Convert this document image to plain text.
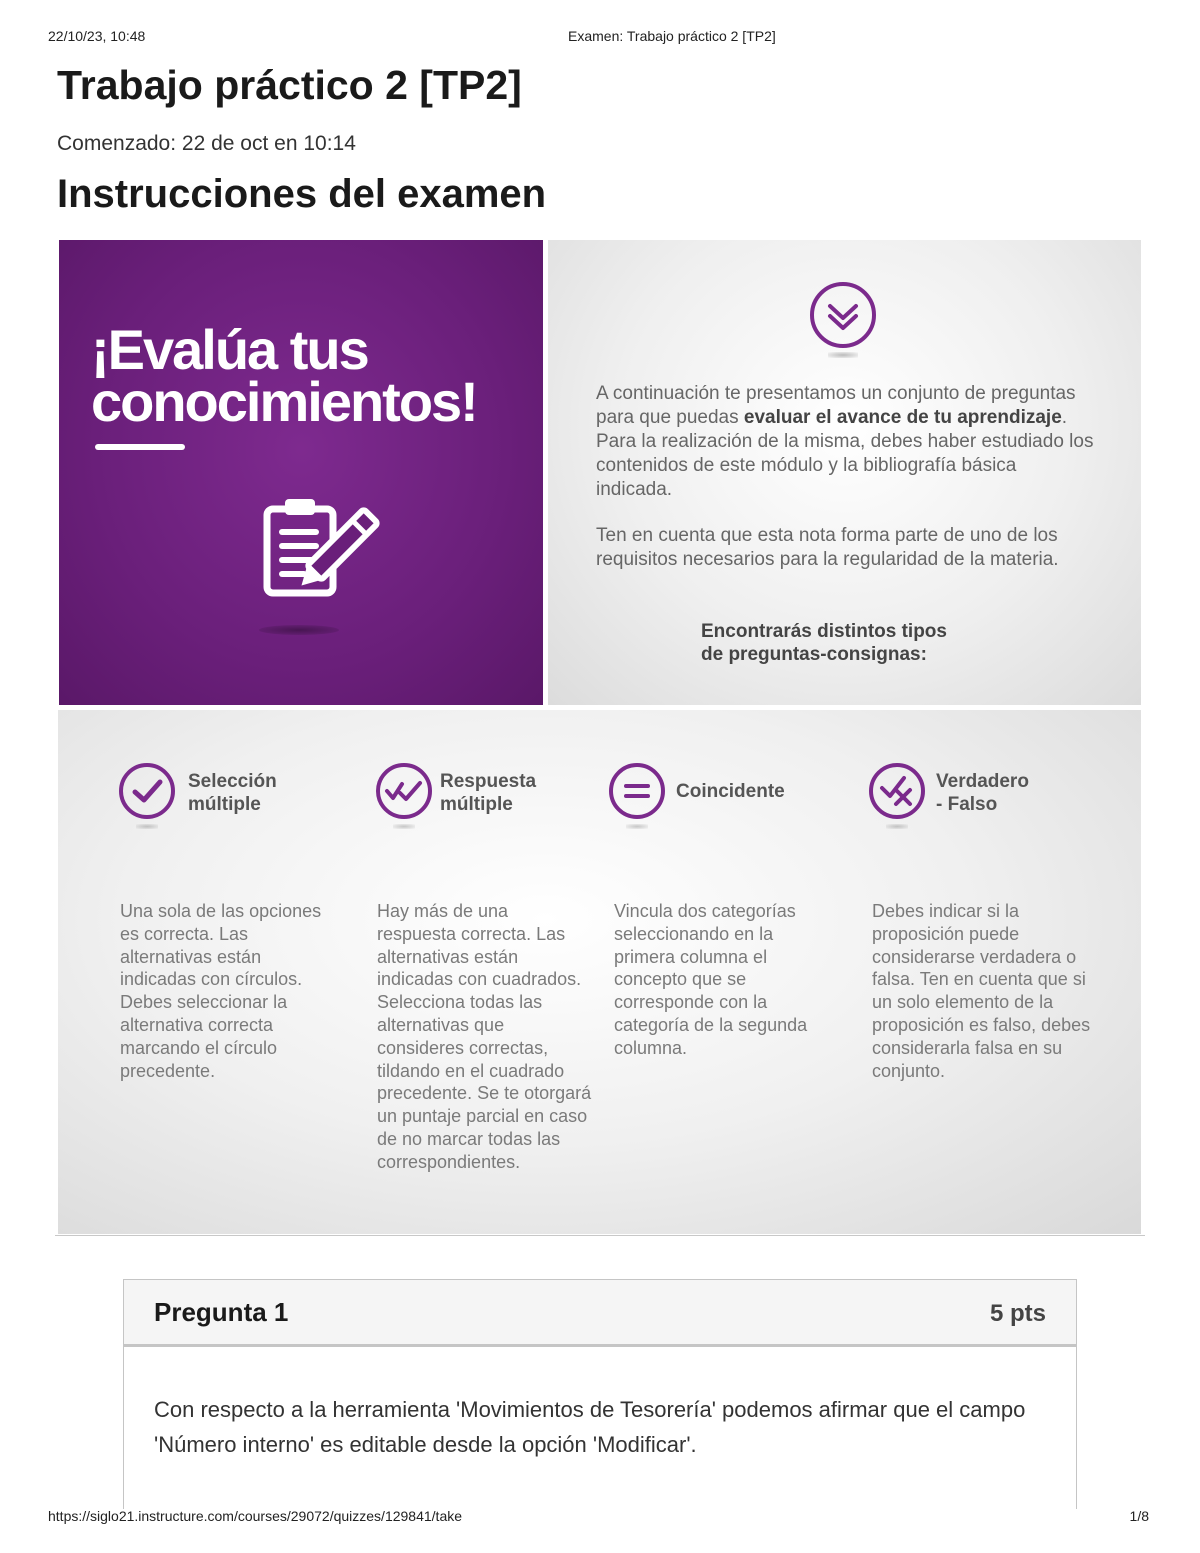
22/10/23, 10:48	Examen: Trabajo práctico 2 [TP2]
Trabajo práctico 2 [TP2]
Comenzado: 22 de oct en 10:14
Instrucciones del examen
¡Evalúa tus
conocimientos!	A continuación te presentamos un conjunto de preguntas para que puedas evaluar el avance de tu aprendizaje. Para la realización de la misma, debes haber estudiado los contenidos de este módulo y la bibliografía básica indicada.

Ten en cuenta que esta nota forma parte de uno de los requisitos necesarios para la regularidad de la materia.

Encontrarás distintos tipos
de preguntas-consignas:
Selección
múltiple
Una sola de las opciones es correcta. Las alternativas están indicadas con círculos. Debes seleccionar la alternativa correcta marcando el círculo precedente.
Respuesta
múltiple
Hay más de una respuesta correcta. Las alternativas están indicadas con cuadrados. Selecciona todas las alternativas que consideres correctas, tildando en el cuadrado precedente. Se te otorgará un puntaje parcial en caso de no marcar todas las correspondientes.
Coincidente
Vincula dos categorías seleccionando en la primera columna el concepto que se corresponde con la categoría de la segunda columna.
Verdadero
- Falso
Debes indicar si la proposición puede considerarse verdadera o falsa. Ten en cuenta que si un solo elemento de la proposición es falso, debes considerarla falsa en su conjunto.
Pregunta 1	5 pts
Con respecto a la herramienta 'Movimientos de Tesorería' podemos afirmar que el campo 'Número interno' es editable desde la opción 'Modificar'.
https://siglo21.instructure.com/courses/29072/quizzes/129841/take	1/8
